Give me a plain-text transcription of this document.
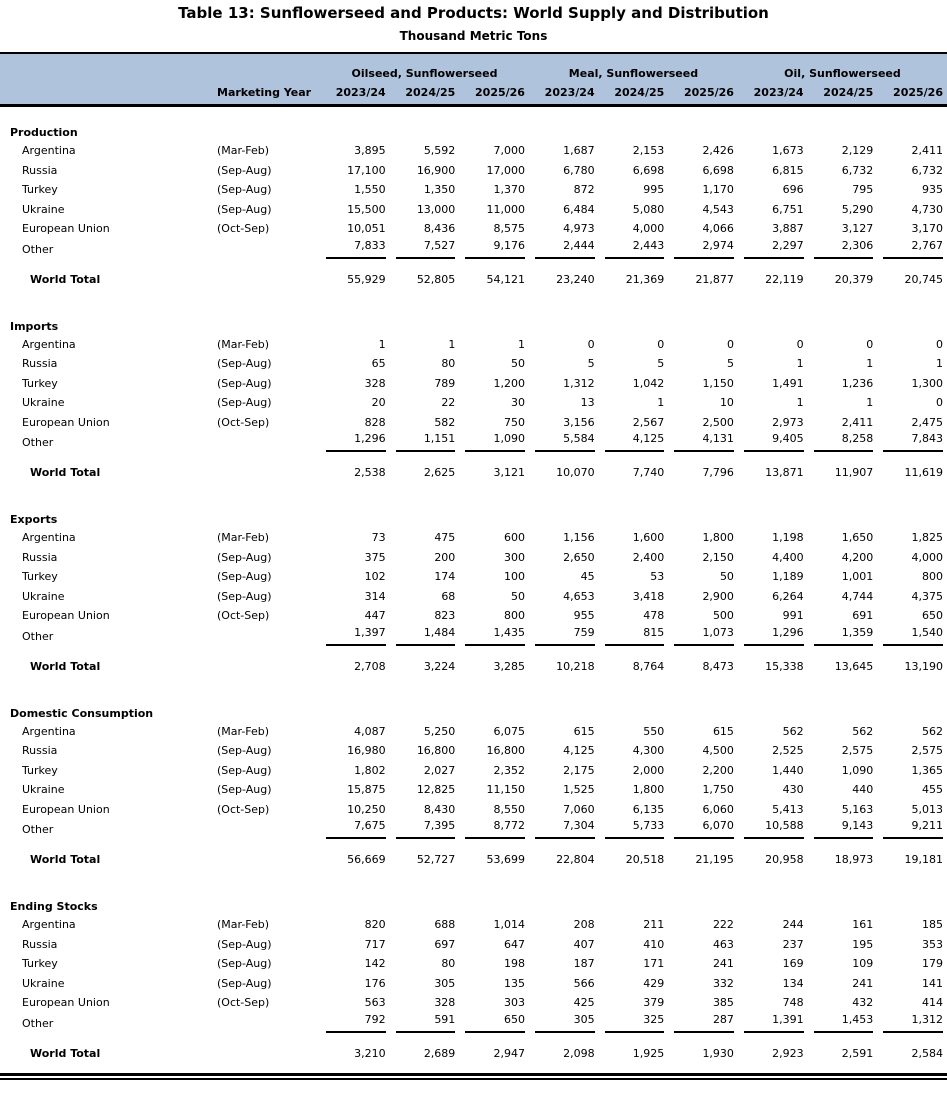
Table 13: Sunflowerseed and Products: World Supply and Distribution
Thousand Metric Tons
		Oilseed, Sunflowerseed			Meal, Sunflowerseed			Oil, Sunflowerseed		
	Marketing Year	2023/24	2024/25	2025/26	2023/24	2024/25	2025/26	2023/24	2024/25	2025/26

Production										
Argentina	(Mar-Feb)	3,895	5,592	7,000	1,687	2,153	2,426	1,673	2,129	2,411
Russia	(Sep-Aug)	17,100	16,900	17,000	6,780	6,698	6,698	6,815	6,732	6,732
Turkey	(Sep-Aug)	1,550	1,350	1,370	872	995	1,170	696	795	935
Ukraine	(Sep-Aug)	15,500	13,000	11,000	6,484	5,080	4,543	6,751	5,290	4,730
European Union	(Oct-Sep)	10,051	8,436	8,575	4,973	4,000	4,066	3,887	3,127	3,170
Other		7,833	7,527	9,176	2,444	2,443	2,974	2,297	2,306	2,767

World Total		55,929	52,805	54,121	23,240	21,369	21,877	22,119	20,379	20,745

Imports										
Argentina	(Mar-Feb)	1	1	1	0	0	0	0	0	0
Russia	(Sep-Aug)	65	80	50	5	5	5	1	1	1
Turkey	(Sep-Aug)	328	789	1,200	1,312	1,042	1,150	1,491	1,236	1,300
Ukraine	(Sep-Aug)	20	22	30	13	1	10	1	1	0
European Union	(Oct-Sep)	828	582	750	3,156	2,567	2,500	2,973	2,411	2,475
Other		1,296	1,151	1,090	5,584	4,125	4,131	9,405	8,258	7,843

World Total		2,538	2,625	3,121	10,070	7,740	7,796	13,871	11,907	11,619

Exports										
Argentina	(Mar-Feb)	73	475	600	1,156	1,600	1,800	1,198	1,650	1,825
Russia	(Sep-Aug)	375	200	300	2,650	2,400	2,150	4,400	4,200	4,000
Turkey	(Sep-Aug)	102	174	100	45	53	50	1,189	1,001	800
Ukraine	(Sep-Aug)	314	68	50	4,653	3,418	2,900	6,264	4,744	4,375
European Union	(Oct-Sep)	447	823	800	955	478	500	991	691	650
Other		1,397	1,484	1,435	759	815	1,073	1,296	1,359	1,540

World Total		2,708	3,224	3,285	10,218	8,764	8,473	15,338	13,645	13,190

Domestic Consumption										
Argentina	(Mar-Feb)	4,087	5,250	6,075	615	550	615	562	562	562
Russia	(Sep-Aug)	16,980	16,800	16,800	4,125	4,300	4,500	2,525	2,575	2,575
Turkey	(Sep-Aug)	1,802	2,027	2,352	2,175	2,000	2,200	1,440	1,090	1,365
Ukraine	(Sep-Aug)	15,875	12,825	11,150	1,525	1,800	1,750	430	440	455
European Union	(Oct-Sep)	10,250	8,430	8,550	7,060	6,135	6,060	5,413	5,163	5,013
Other		7,675	7,395	8,772	7,304	5,733	6,070	10,588	9,143	9,211

World Total		56,669	52,727	53,699	22,804	20,518	21,195	20,958	18,973	19,181

Ending Stocks										
Argentina	(Mar-Feb)	820	688	1,014	208	211	222	244	161	185
Russia	(Sep-Aug)	717	697	647	407	410	463	237	195	353
Turkey	(Sep-Aug)	142	80	198	187	171	241	169	109	179
Ukraine	(Sep-Aug)	176	305	135	566	429	332	134	241	141
European Union	(Oct-Sep)	563	328	303	425	379	385	748	432	414
Other		792	591	650	305	325	287	1,391	1,453	1,312

World Total		3,210	2,689	2,947	2,098	1,925	1,930	2,923	2,591	2,584
